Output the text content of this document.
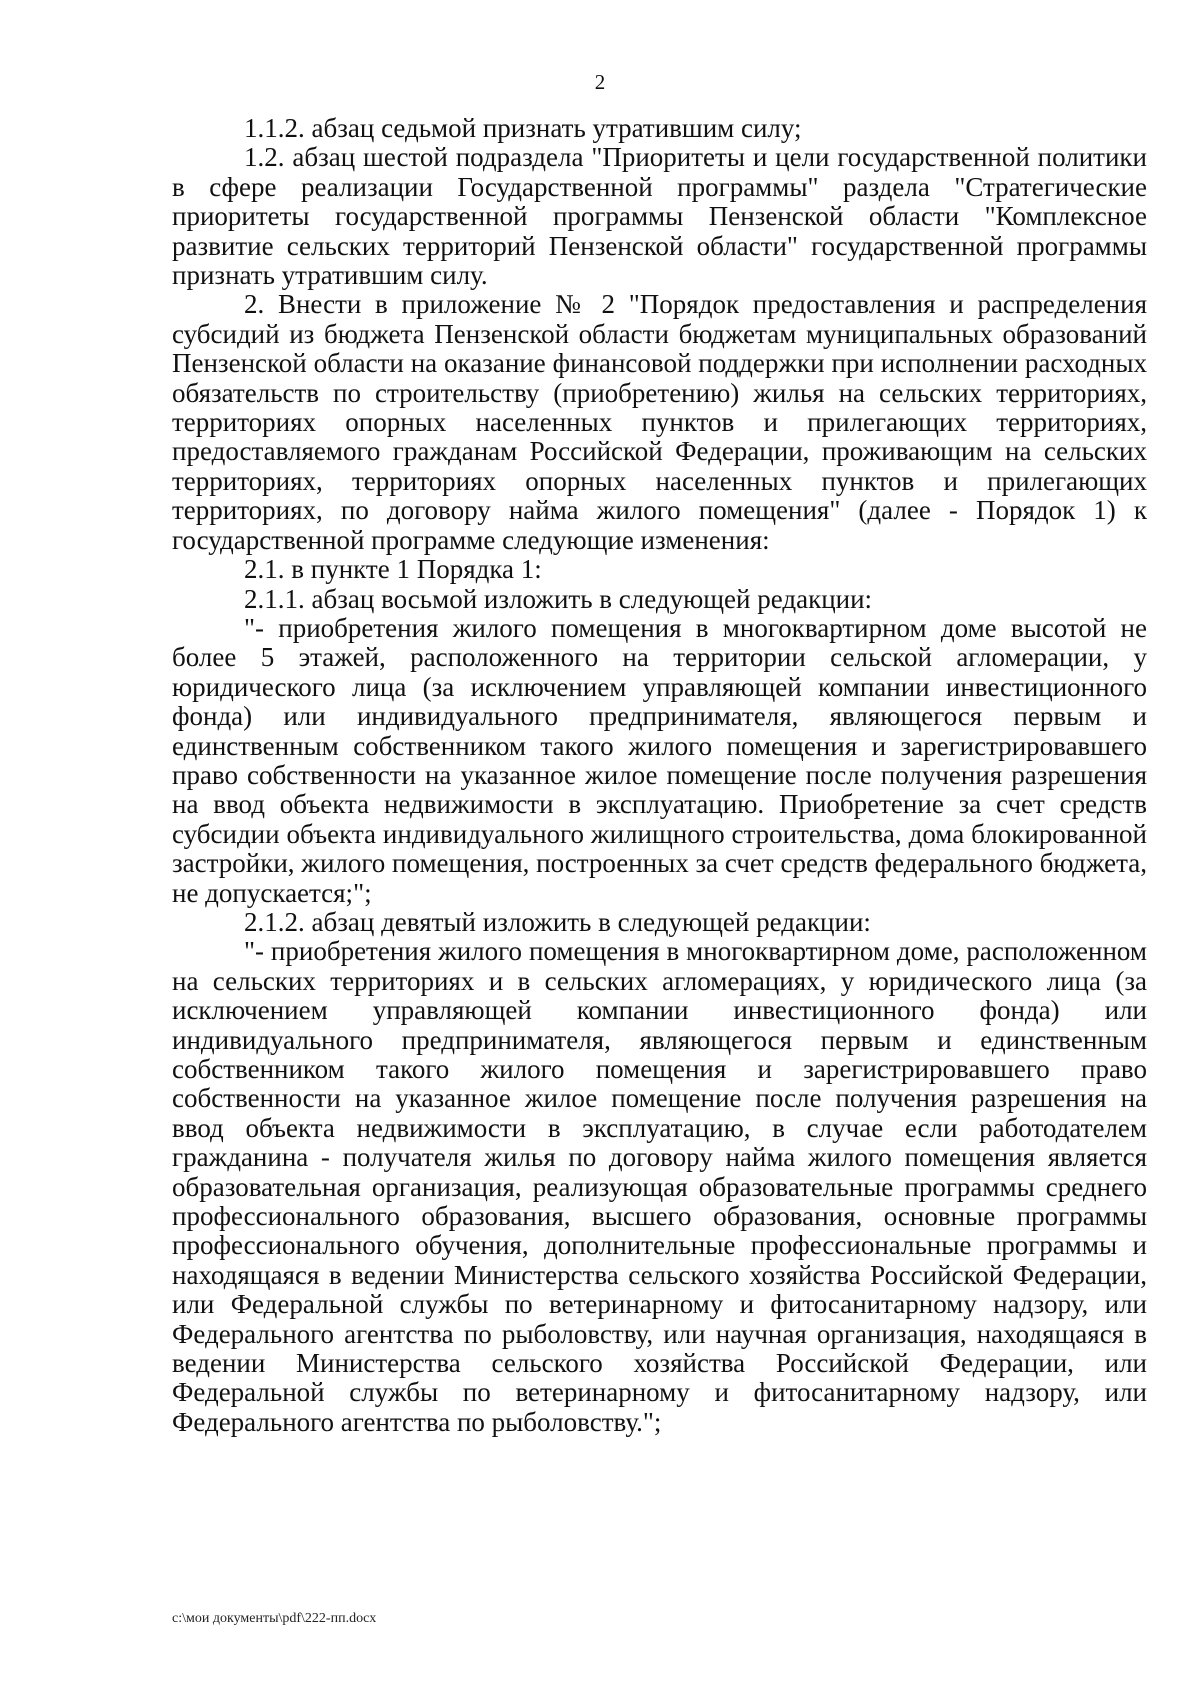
2

1.1.2. абзац седьмой признать утратившим силу;

1.2. абзац шестой подраздела "Приоритеты и цели государственной политики в сфере реализации Государственной программы" раздела "Стратегические приоритеты государственной программы Пензенской области "Комплексное развитие сельских территорий Пензенской области" государственной программы признать утратившим силу.

2. Внести в приложение № 2 "Порядок предоставления и распределения субсидий из бюджета Пензенской области бюджетам муниципальных образований Пензенской области на оказание финансовой поддержки при исполнении расходных обязательств по строительству (приобретению) жилья на сельских территориях, территориях опорных населенных пунктов и прилегающих территориях, предоставляемого гражданам Российской Федерации, проживающим на сельских территориях, территориях опорных населенных пунктов и прилегающих территориях, по договору найма жилого помещения" (далее - Порядок 1) к государственной программе следующие изменения:

2.1. в пункте 1 Порядка 1:

2.1.1. абзац восьмой изложить в следующей редакции:

"- приобретения жилого помещения в многоквартирном доме высотой не более 5 этажей, расположенного на территории сельской агломерации, у юридического лица (за исключением управляющей компании инвестиционного фонда) или индивидуального предпринимателя, являющегося первым и единственным собственником такого жилого помещения и зарегистрировавшего право собственности на указанное жилое помещение после получения разрешения на ввод объекта недвижимости в эксплуатацию. Приобретение за счет средств субсидии объекта индивидуального жилищного строительства, дома блокированной застройки, жилого помещения, построенных за счет средств федерального бюджета, не допускается;";

2.1.2. абзац девятый изложить в следующей редакции:

"- приобретения жилого помещения в многоквартирном доме, расположенном на сельских территориях и в сельских агломерациях, у юридического лица (за исключением управляющей компании инвестиционного фонда) или индивидуального предпринимателя, являющегося первым и единственным собственником такого жилого помещения и зарегистрировавшего право собственности на указанное жилое помещение после получения разрешения на ввод объекта недвижимости в эксплуатацию, в случае если работодателем гражданина - получателя жилья по договору найма жилого помещения является образовательная организация, реализующая образовательные программы среднего профессионального образования, высшего образования, основные программы профессионального обучения, дополнительные профессиональные программы и находящаяся в ведении Министерства сельского хозяйства Российской Федерации, или Федеральной службы по ветеринарному и фитосанитарному надзору, или Федерального агентства по рыболовству, или научная организация, находящаяся в ведении Министерства сельского хозяйства Российской Федерации, или Федеральной службы по ветеринарному и фитосанитарному надзору, или Федерального агентства по рыболовству.";

c:\мои документы\pdf\222-пп.docx
